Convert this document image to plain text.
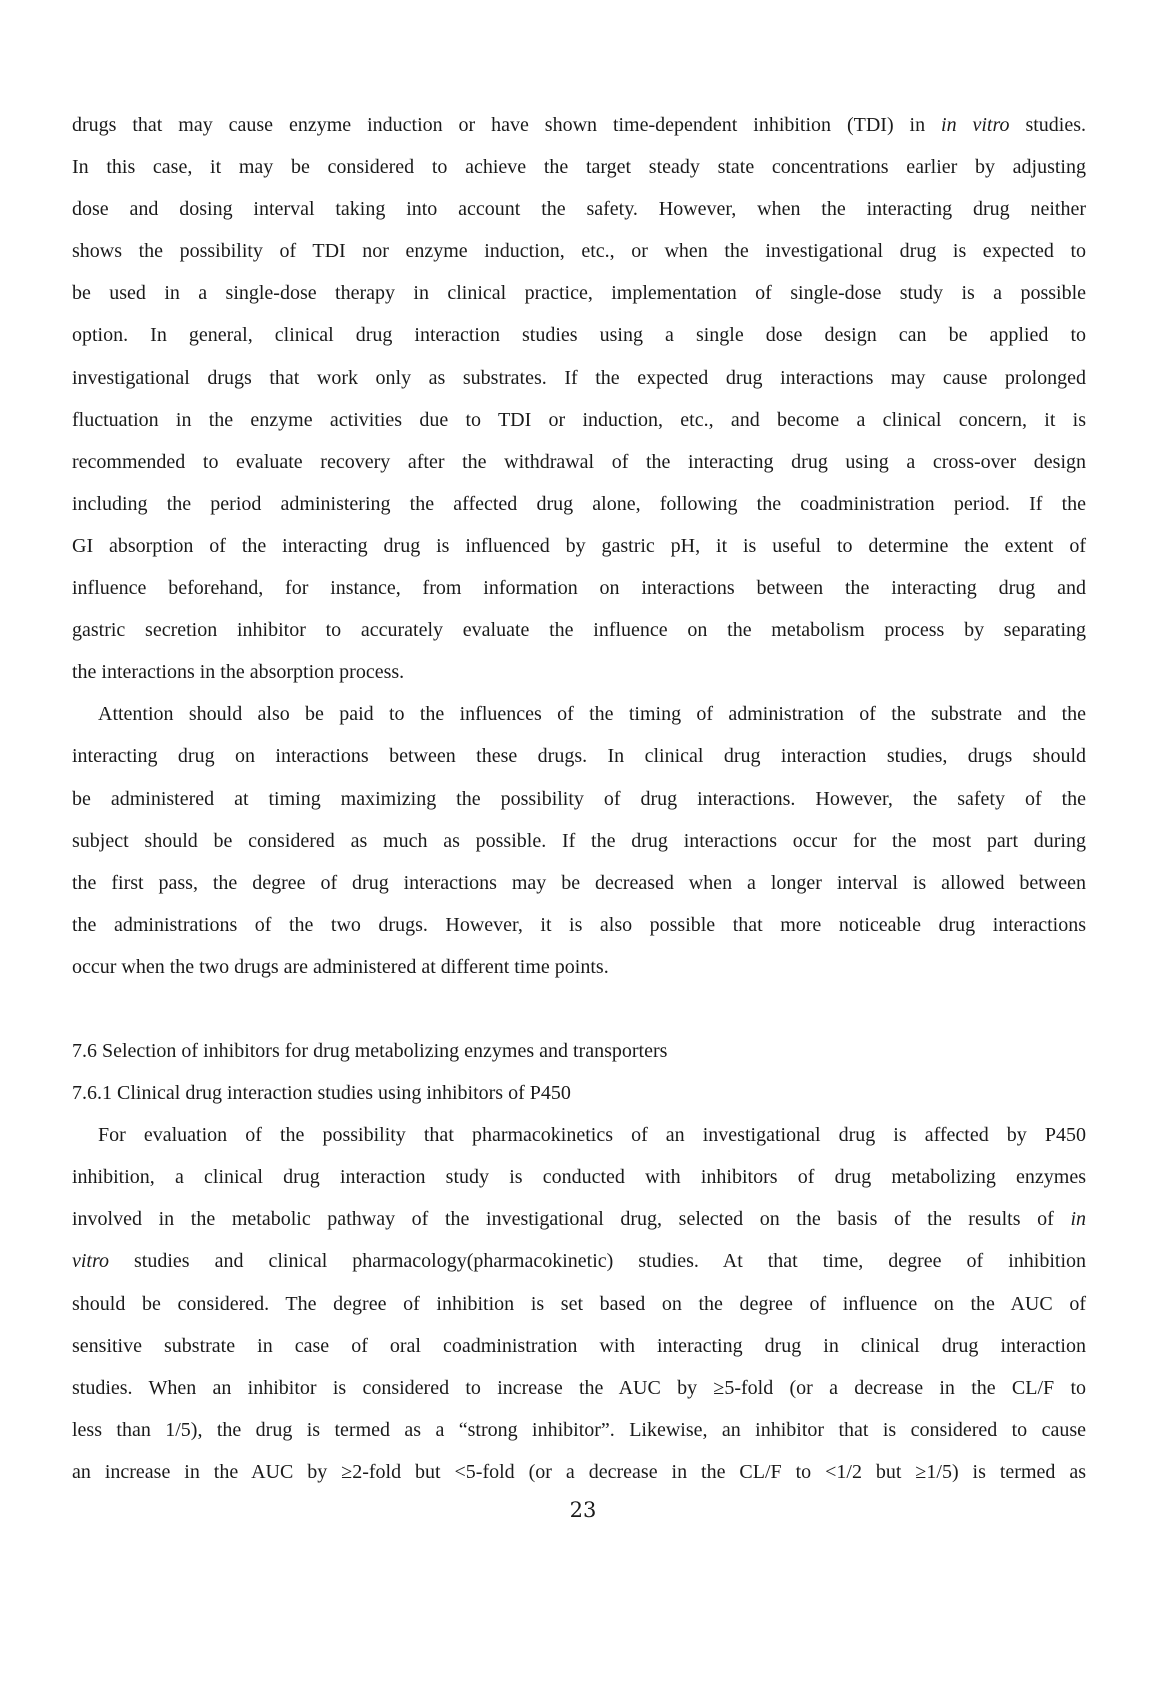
drugs that may cause enzyme induction or have shown time-dependent inhibition (TDI) in in vitro studies.
In this case, it may be considered to achieve the target steady state concentrations earlier by adjusting
dose and dosing interval taking into account the safety. However, when the interacting drug neither
shows the possibility of TDI nor enzyme induction, etc., or when the investigational drug is expected to
be used in a single-dose therapy in clinical practice, implementation of single-dose study is a possible
option. In general, clinical drug interaction studies using a single dose design can be applied to
investigational drugs that work only as substrates. If the expected drug interactions may cause prolonged
fluctuation in the enzyme activities due to TDI or induction, etc., and become a clinical concern, it is
recommended to evaluate recovery after the withdrawal of the interacting drug using a cross-over design
including the period administering the affected drug alone, following the coadministration period. If the
GI absorption of the interacting drug is influenced by gastric pH, it is useful to determine the extent of
influence beforehand, for instance, from information on interactions between the interacting drug and
gastric secretion inhibitor to accurately evaluate the influence on the metabolism process by separating
the interactions in the absorption process.

Attention should also be paid to the influences of the timing of administration of the substrate and the
interacting drug on interactions between these drugs. In clinical drug interaction studies, drugs should
be administered at timing maximizing the possibility of drug interactions. However, the safety of the
subject should be considered as much as possible. If the drug interactions occur for the most part during
the first pass, the degree of drug interactions may be decreased when a longer interval is allowed between
the administrations of the two drugs. However, it is also possible that more noticeable drug interactions
occur when the two drugs are administered at different time points.

7.6 Selection of inhibitors for drug metabolizing enzymes and transporters

7.6.1 Clinical drug interaction studies using inhibitors of P450

For evaluation of the possibility that pharmacokinetics of an investigational drug is affected by P450
inhibition, a clinical drug interaction study is conducted with inhibitors of drug metabolizing enzymes
involved in the metabolic pathway of the investigational drug, selected on the basis of the results of in
vitro studies and clinical pharmacology(pharmacokinetic) studies. At that time, degree of inhibition
should be considered. The degree of inhibition is set based on the degree of influence on the AUC of
sensitive substrate in case of oral coadministration with interacting drug in clinical drug interaction
studies. When an inhibitor is considered to increase the AUC by ≥5-fold (or a decrease in the CL/F to
less than 1/5), the drug is termed as a “strong inhibitor”. Likewise, an inhibitor that is considered to cause
an increase in the AUC by ≥2-fold but <5-fold (or a decrease in the CL/F to <1/2 but ≥1/5) is termed as

23
